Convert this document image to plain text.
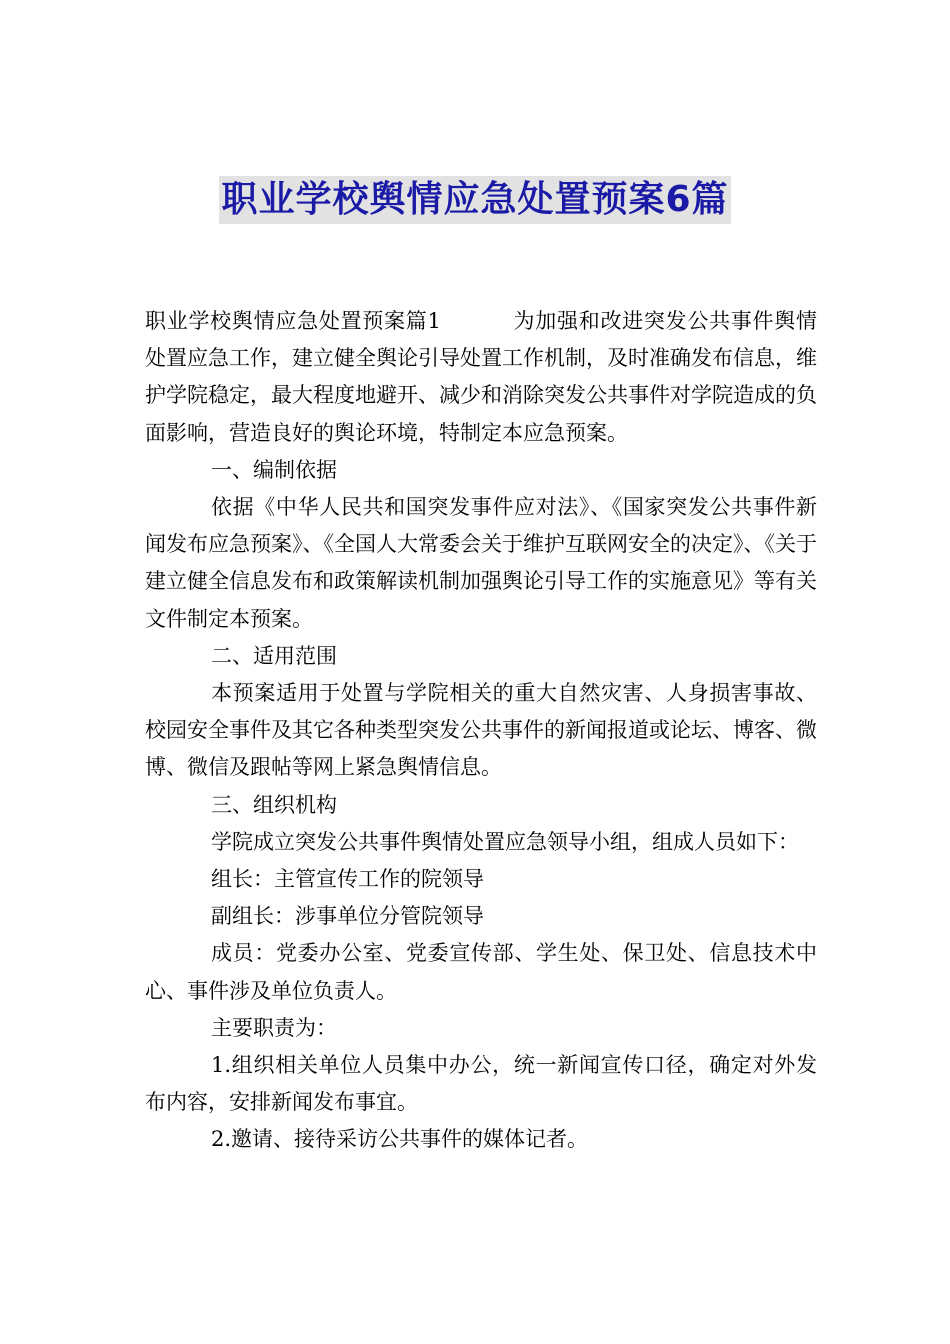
职业学校舆情应急处置预案6篇

职业学校舆情应急处置预案篇1	为加强和改进突发公共事件舆情处置应急工作，建立健全舆论引导处置工作机制，及时准确发布信息，维护学院稳定，最大程度地避开、减少和消除突发公共事件对学院造成的负面影响，营造良好的舆论环境，特制定本应急预案。

一、编制依据

依据《中华人民共和国突发事件应对法》、《国家突发公共事件新闻发布应急预案》、《全国人大常委会关于维护互联网安全的决定》、《关于建立健全信息发布和政策解读机制加强舆论引导工作的实施意见》等有关文件制定本预案。

二、适用范围

本预案适用于处置与学院相关的重大自然灾害、人身损害事故、校园安全事件及其它各种类型突发公共事件的新闻报道或论坛、博客、微博、微信及跟帖等网上紧急舆情信息。

三、组织机构

学院成立突发公共事件舆情处置应急领导小组，组成人员如下：

组长：主管宣传工作的院领导

副组长：涉事单位分管院领导

成员：党委办公室、党委宣传部、学生处、保卫处、信息技术中心、事件涉及单位负责人。

主要职责为：

1.组织相关单位人员集中办公，统一新闻宣传口径，确定对外发布内容，安排新闻发布事宜。

2.邀请、接待采访公共事件的媒体记者。
